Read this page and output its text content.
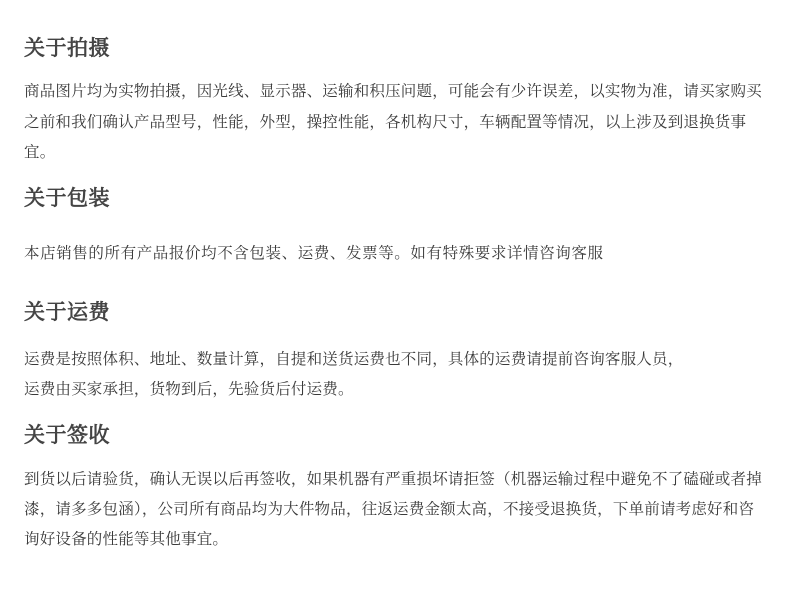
关于拍摄

商品图片均为实物拍摄，因光线、显示器、运输和积压问题，可能会有少许误差，以实物为准，请买家购买之前和我们确认产品型号，性能，外型，操控性能，各机构尺寸，车辆配置等情况，以上涉及到退换货事宜。

关于包装

本店销售的所有产品报价均不含包装、运费、发票等。如有特殊要求详情咨询客服

关于运费

运费是按照体积、地址、数量计算，自提和送货运费也不同，具体的运费请提前咨询客服人员，
运费由买家承担，货物到后，先验货后付运费。

关于签收

到货以后请验货，确认无误以后再签收，如果机器有严重损坏请拒签（机器运输过程中避免不了磕碰或者掉漆，请多多包涵），公司所有商品均为大件物品，往返运费金额太高，不接受退换货，下单前请考虑好和咨询好设备的性能等其他事宜。
